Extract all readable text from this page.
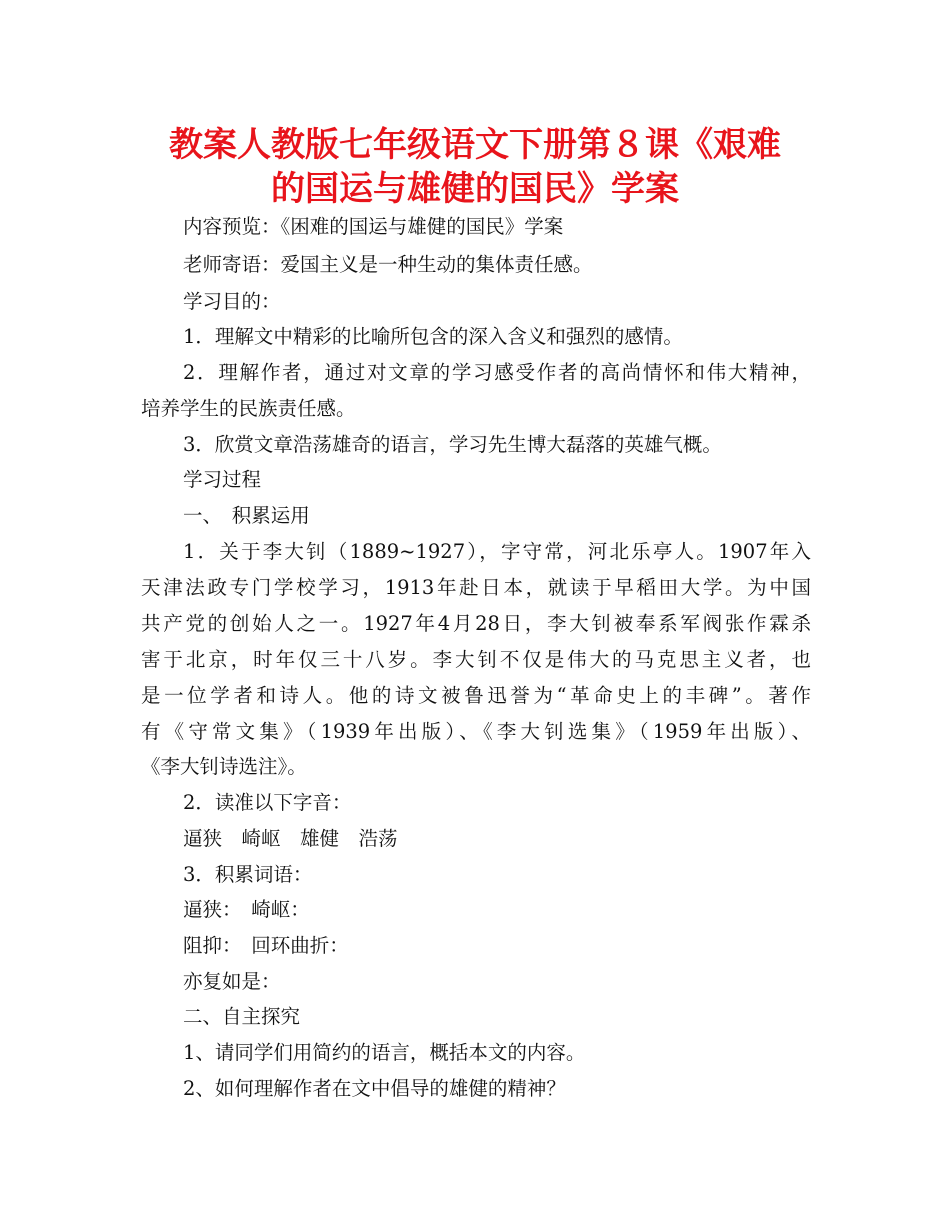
教案人教版七年级语文下册第８课《艰难
的国运与雄健的国民》学案

内容预览：《困难的国运与雄健的国民》学案

老师寄语：爱国主义是一种生动的集体责任感。

学习目的：

1．理解文中精彩的比喻所包含的深入含义和强烈的感情。

2．理解作者，通过对文章的学习感受作者的高尚情怀和伟大精神，

培养学生的民族责任感。

3．欣赏文章浩荡雄奇的语言，学习先生博大磊落的英雄气概。

学习过程

一、　积累运用

1．关于李大钊（1889~1927），字守常，河北乐亭人。1907年入

天津法政专门学校学习，1913年赴日本，就读于早稻田大学。为中国

共产党的创始人之一。1927年4月28日，李大钊被奉系军阀张作霖杀

害于北京，时年仅三十八岁。李大钊不仅是伟大的马克思主义者，也

是一位学者和诗人。他的诗文被鲁迅誉为“革命史上的丰碑”。著作

有《守常文集》（1939年出版）、《李大钊选集》（1959年出版）、

《李大钊诗选注》。

2．读准以下字音：

逼狭　崎岖　雄健　浩荡

3．积累词语：

逼狭：　崎岖：

阻抑：　回环曲折：

亦复如是：

二、自主探究

1、请同学们用简约的语言，概括本文的内容。

2、如何理解作者在文中倡导的雄健的精神？
